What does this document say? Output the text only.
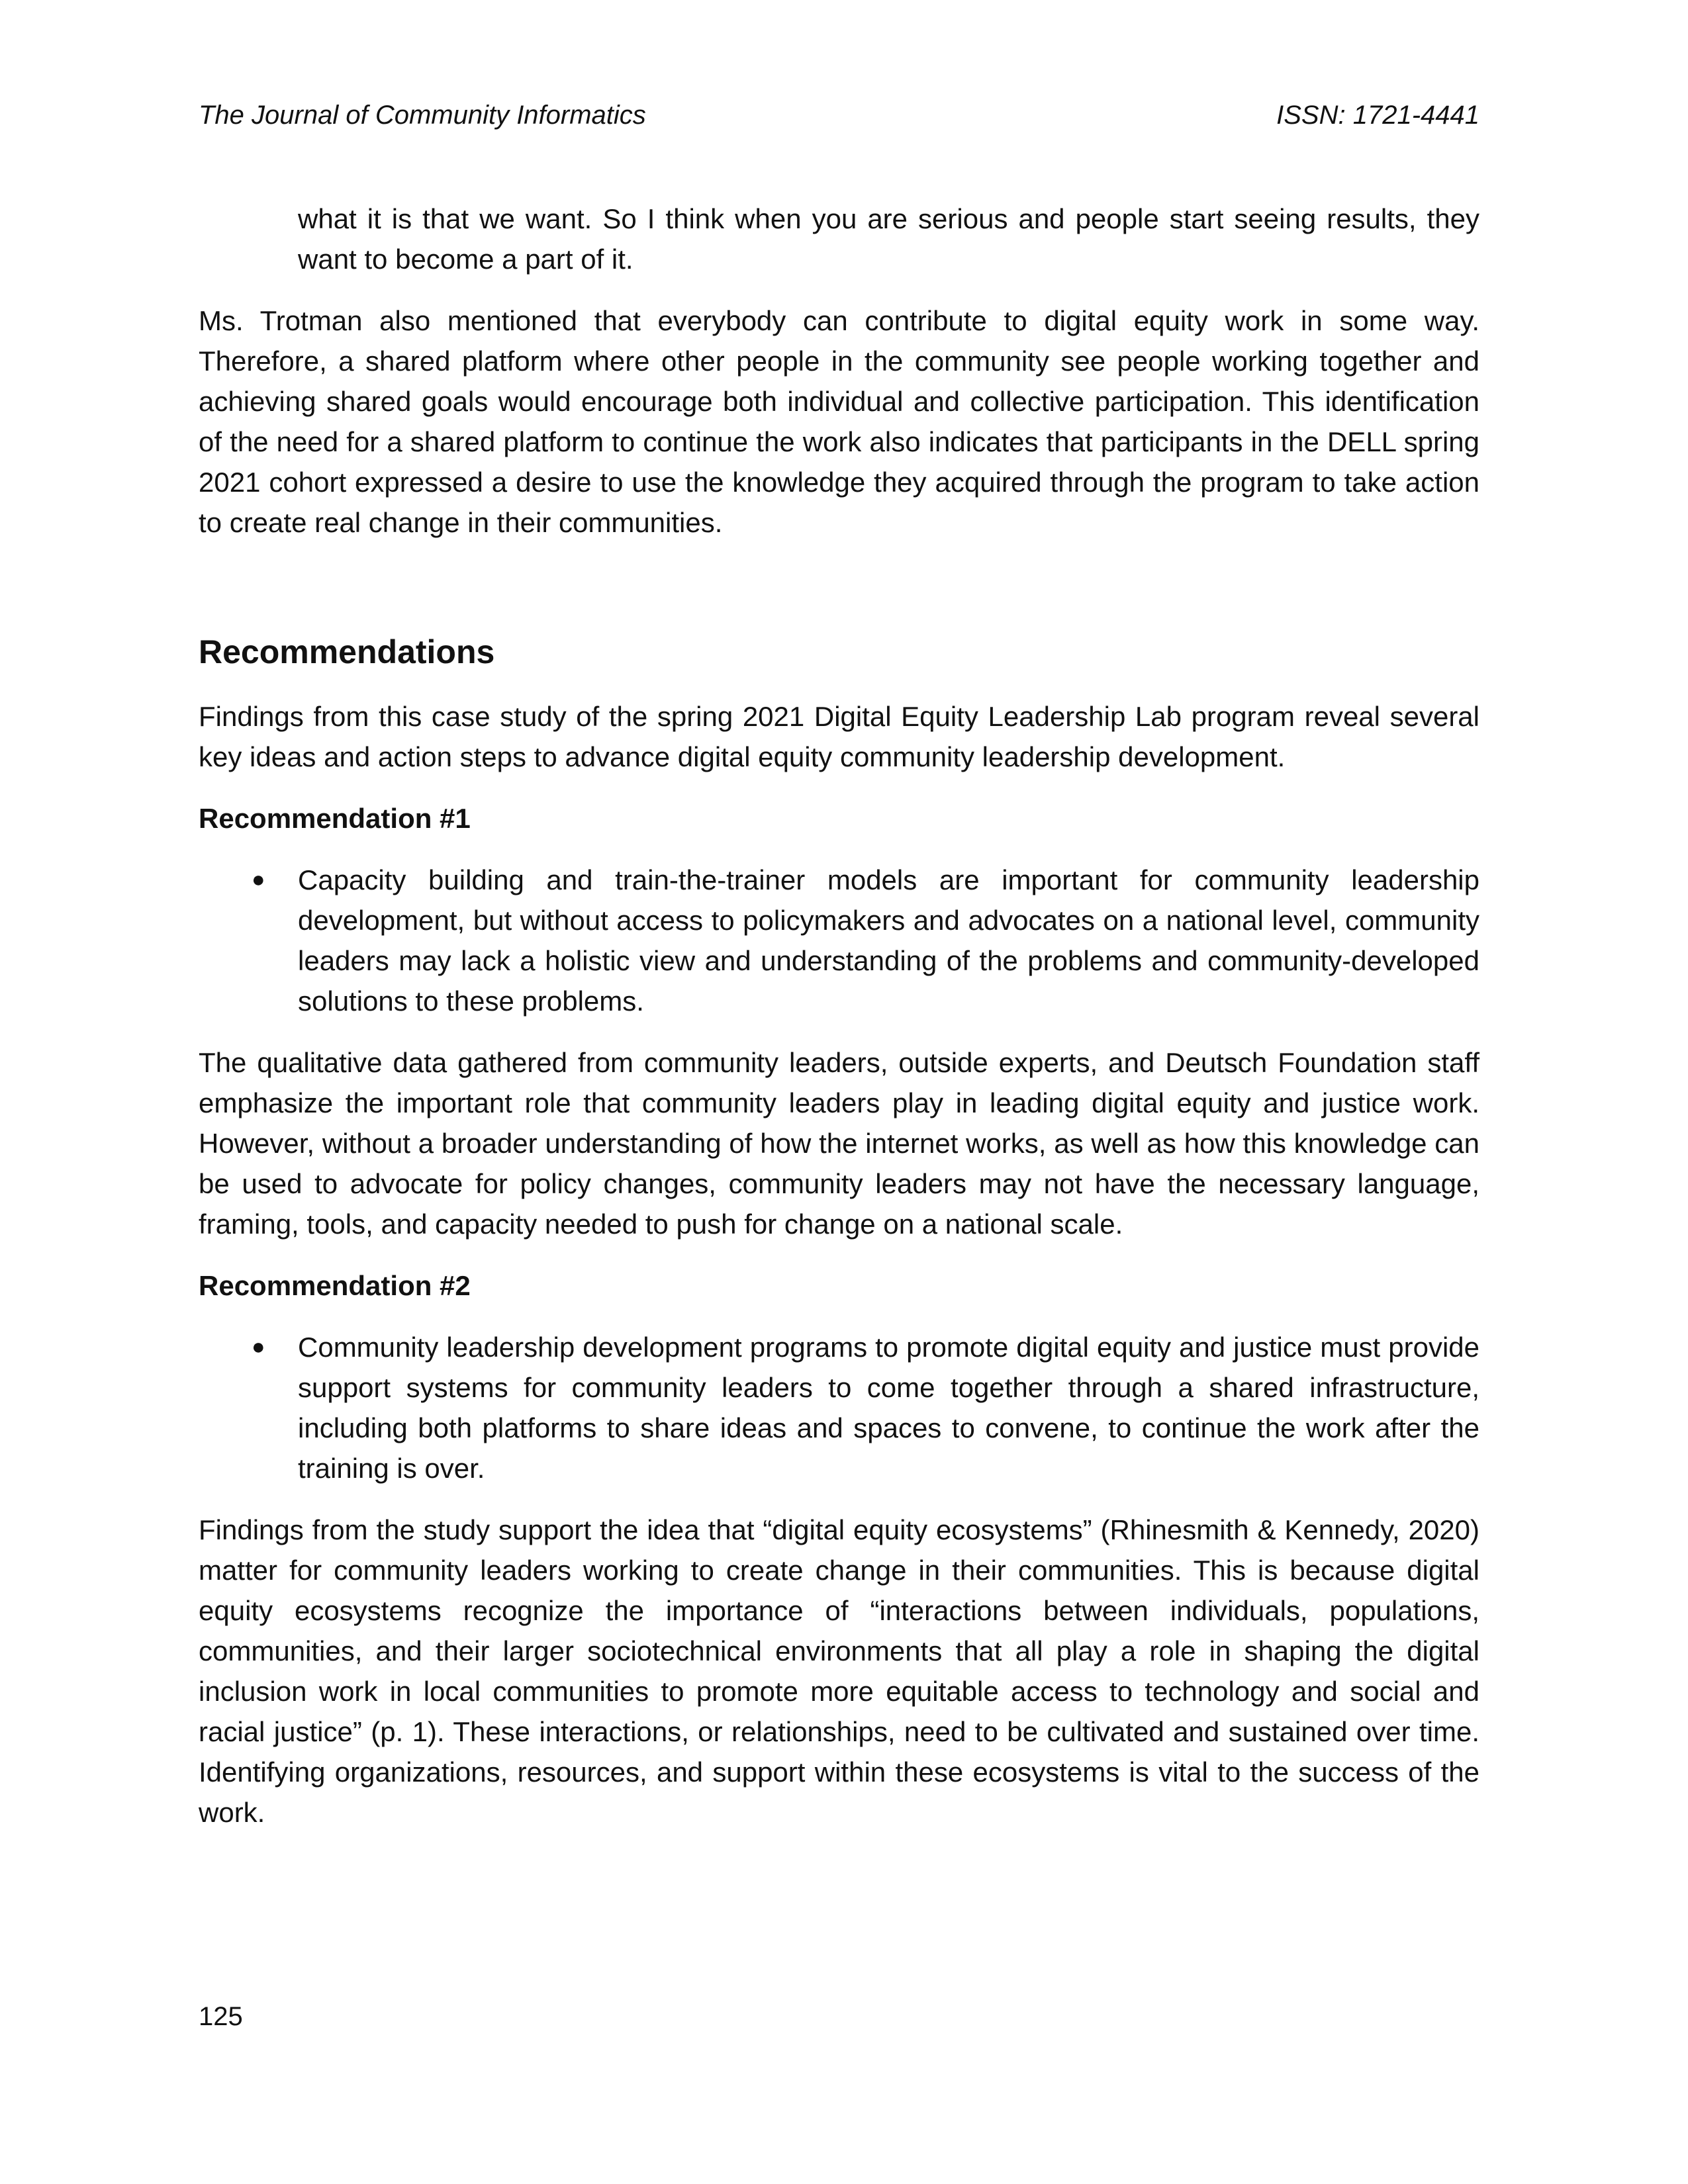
The Journal of Community Informatics	ISSN: 1721-4441

what it is that we want. So I think when you are serious and people start seeing results, they want to become a part of it.

Ms. Trotman also mentioned that everybody can contribute to digital equity work in some way. Therefore, a shared platform where other people in the community see people working together and achieving shared goals would encourage both individual and collective participation. This identification of the need for a shared platform to continue the work also indicates that participants in the DELL spring 2021 cohort expressed a desire to use the knowledge they acquired through the program to take action to create real change in their communities.

Recommendations

Findings from this case study of the spring 2021 Digital Equity Leadership Lab program reveal several key ideas and action steps to advance digital equity community leadership development.

Recommendation #1
● Capacity building and train-the-trainer models are important for community leadership development, but without access to policymakers and advocates on a national level, community leaders may lack a holistic view and understanding of the problems and community-developed solutions to these problems.

The qualitative data gathered from community leaders, outside experts, and Deutsch Foundation staff emphasize the important role that community leaders play in leading digital equity and justice work. However, without a broader understanding of how the internet works, as well as how this knowledge can be used to advocate for policy changes, community leaders may not have the necessary language, framing, tools, and capacity needed to push for change on a national scale.

Recommendation #2
● Community leadership development programs to promote digital equity and justice must provide support systems for community leaders to come together through a shared infrastructure, including both platforms to share ideas and spaces to convene, to continue the work after the training is over.

Findings from the study support the idea that “digital equity ecosystems” (Rhinesmith & Kennedy, 2020) matter for community leaders working to create change in their communities. This is because digital equity ecosystems recognize the importance of “interactions between individuals, populations, communities, and their larger sociotechnical environments that all play a role in shaping the digital inclusion work in local communities to promote more equitable access to technology and social and racial justice” (p. 1). These interactions, or relationships, need to be cultivated and sustained over time. Identifying organizations, resources, and support within these ecosystems is vital to the success of the work.

125
